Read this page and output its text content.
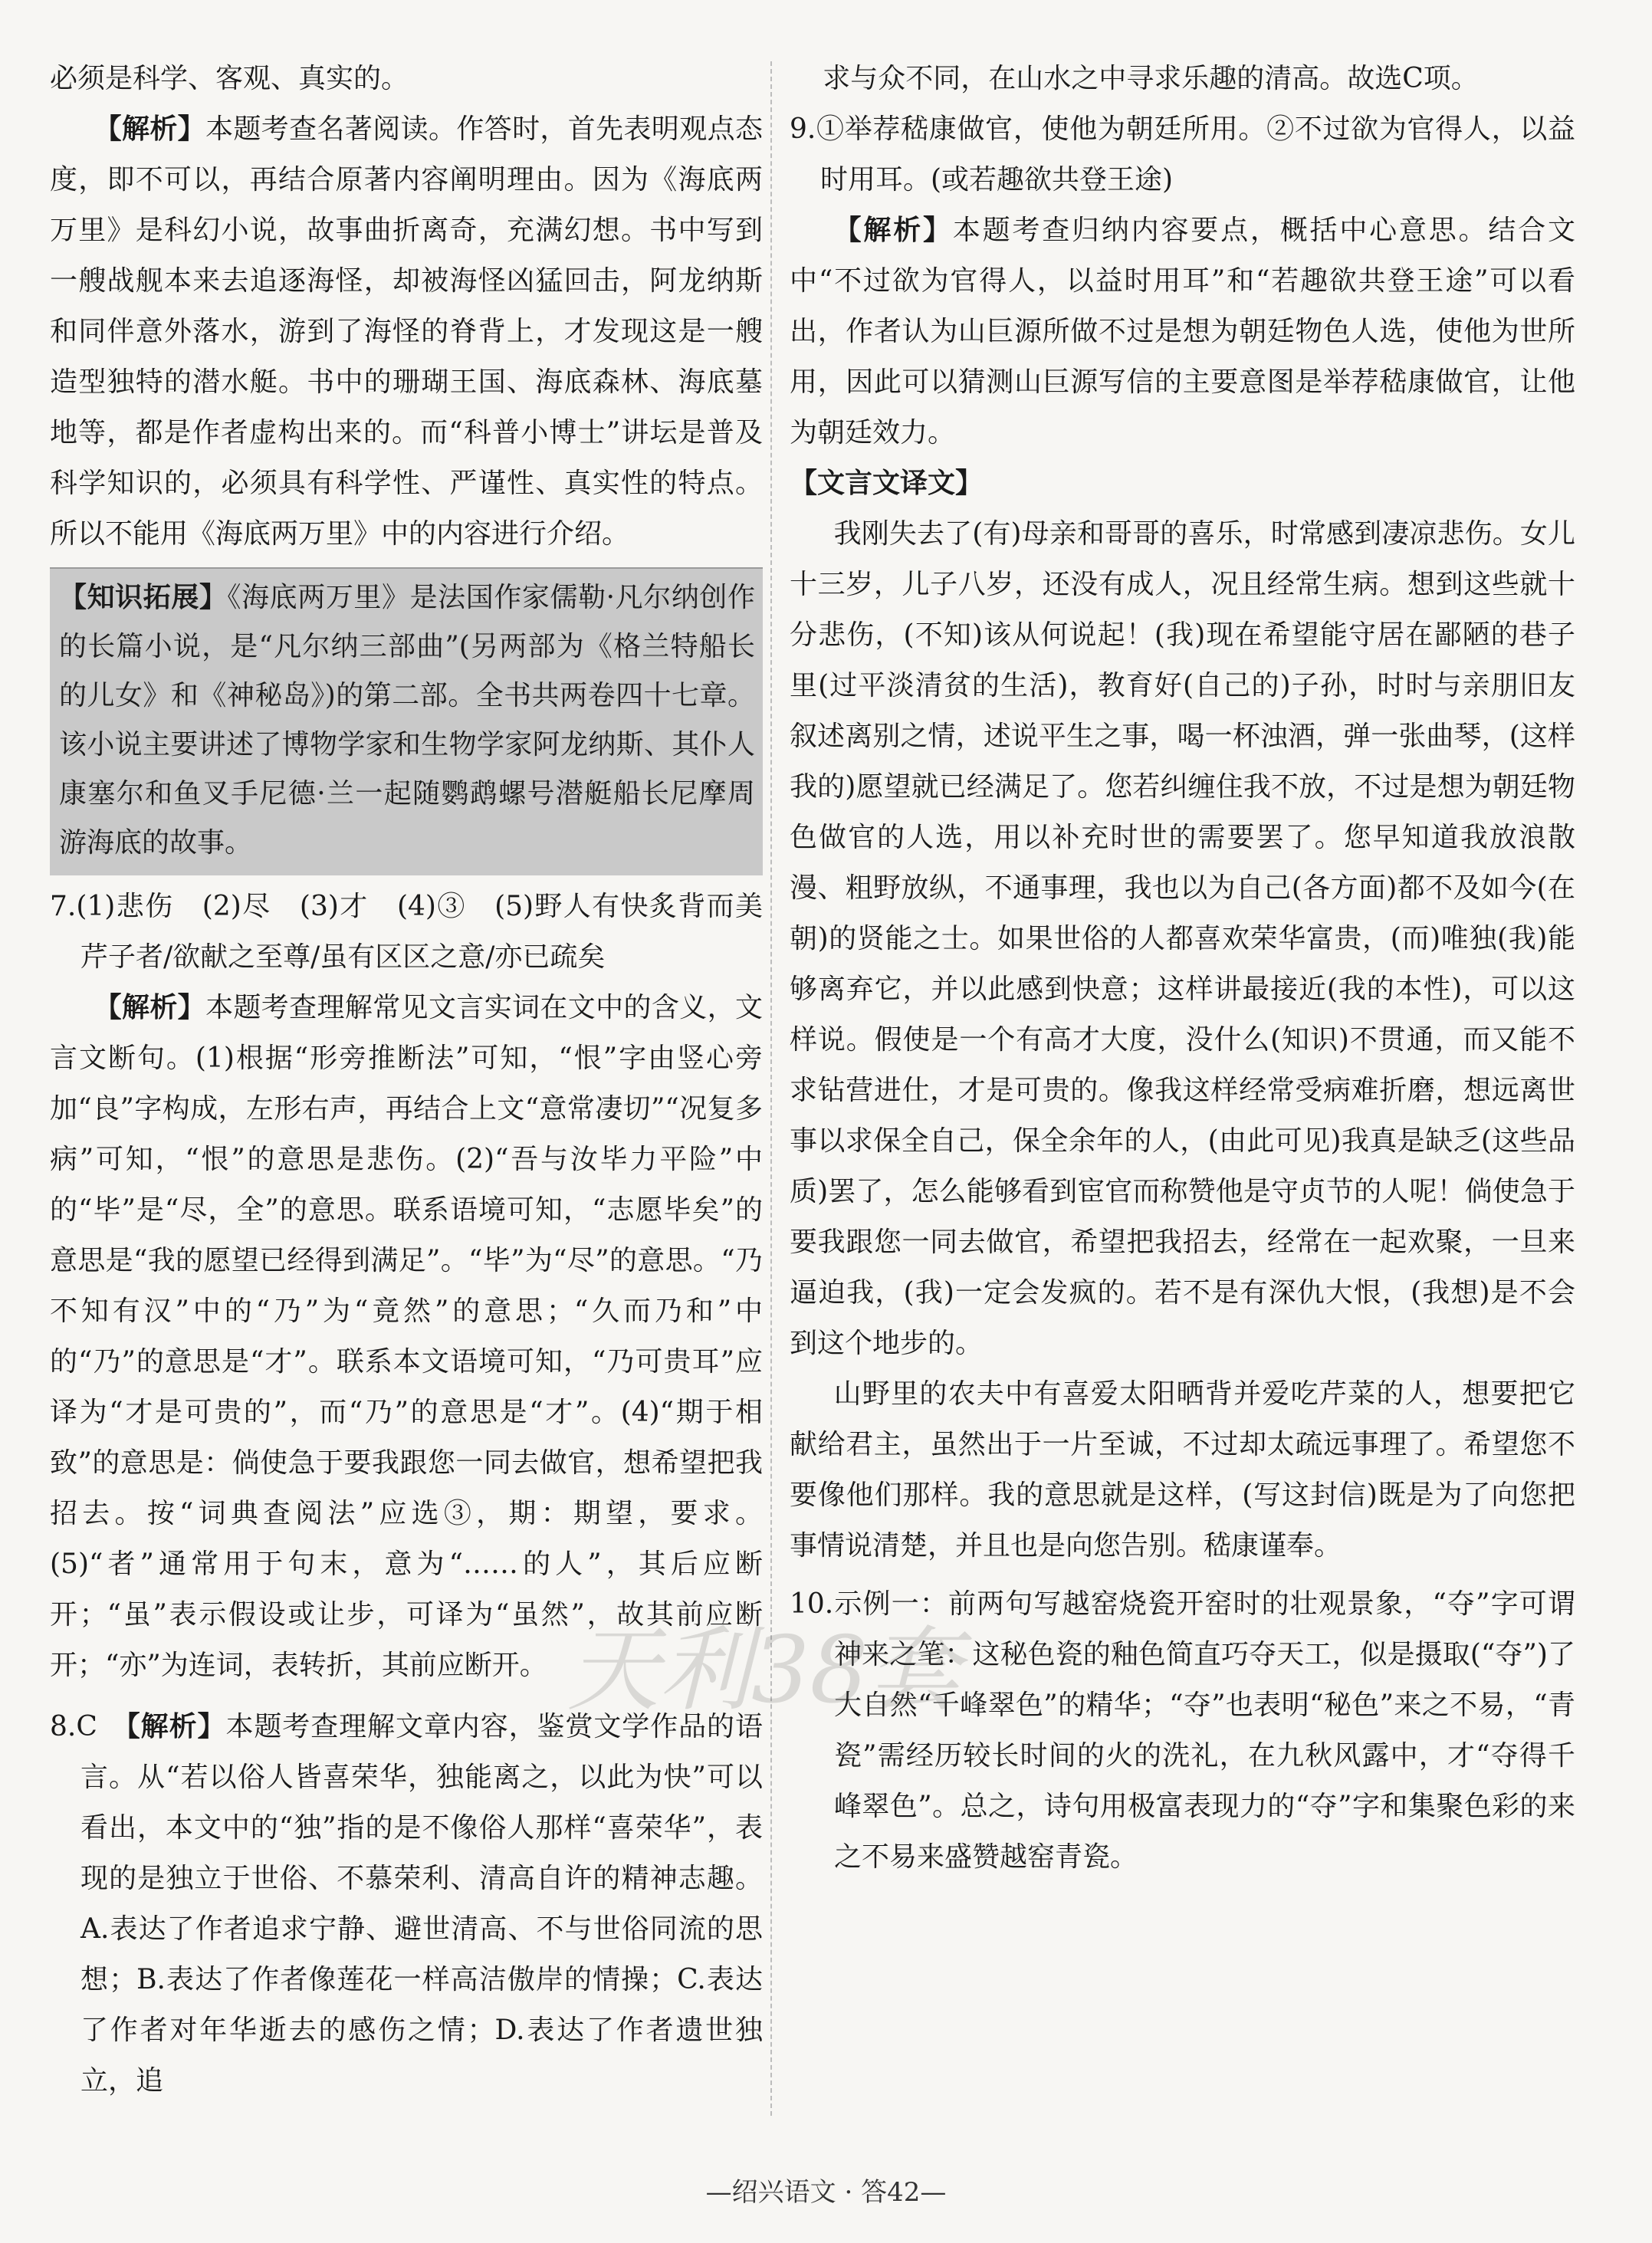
必须是科学、客观、真实的。

【解析】本题考查名著阅读。作答时，首先表明观点态度，即不可以，再结合原著内容阐明理由。因为《海底两万里》是科幻小说，故事曲折离奇，充满幻想。书中写到一艘战舰本来去追逐海怪，却被海怪凶猛回击，阿龙纳斯和同伴意外落水，游到了海怪的脊背上，才发现这是一艘造型独特的潜水艇。书中的珊瑚王国、海底森林、海底墓地等，都是作者虚构出来的。而“科普小博士”讲坛是普及科学知识的，必须具有科学性、严谨性、真实性的特点。所以不能用《海底两万里》中的内容进行介绍。

【知识拓展】《海底两万里》是法国作家儒勒·凡尔纳创作的长篇小说，是“凡尔纳三部曲”(另两部为《格兰特船长的儿女》和《神秘岛》)的第二部。全书共两卷四十七章。该小说主要讲述了博物学家和生物学家阿龙纳斯、其仆人康塞尔和鱼叉手尼德·兰一起随鹦鹉螺号潜艇船长尼摩周游海底的故事。

7.(1)悲伤　(2)尽　(3)才　(4)③　(5)野人有快炙背而美芹子者/欲献之至尊/虽有区区之意/亦已疏矣

【解析】本题考查理解常见文言实词在文中的含义，文言文断句。(1)根据“形旁推断法”可知，“恨”字由竖心旁加“良”字构成，左形右声，再结合上文“意常凄切”“况复多病”可知，“恨”的意思是悲伤。(2)“吾与汝毕力平险”中的“毕”是“尽，全”的意思。联系语境可知，“志愿毕矣”的意思是“我的愿望已经得到满足”。“毕”为“尽”的意思。“乃不知有汉”中的“乃”为“竟然”的意思；“久而乃和”中的“乃”的意思是“才”。联系本文语境可知，“乃可贵耳”应译为“才是可贵的”，而“乃”的意思是“才”。(4)“期于相致”的意思是：倘使急于要我跟您一同去做官，想希望把我招去。按“词典查阅法”应选③，期：期望，要求。(5)“者”通常用于句末，意为“……的人”，其后应断开；“虽”表示假设或让步，可译为“虽然”，故其前应断开；“亦”为连词，表转折，其前应断开。

8.C　 【解析】本题考查理解文章内容，鉴赏文学作品的语言。从“若以俗人皆喜荣华，独能离之，以此为快”可以看出，本文中的“独”指的是不像俗人那样“喜荣华”，表现的是独立于世俗、不慕荣利、清高自许的精神志趣。A.表达了作者追求宁静、避世清高、不与世俗同流的思想；B.表达了作者像莲花一样高洁傲岸的情操；C.表达了作者对年华逝去的感伤之情；D.表达了作者遗世独立，追

求与众不同，在山水之中寻求乐趣的清高。故选C项。

9.①举荐嵇康做官，使他为朝廷所用。②不过欲为官得人，以益时用耳。(或若趣欲共登王途)

【解析】本题考查归纳内容要点，概括中心意思。结合文中“不过欲为官得人，以益时用耳”和“若趣欲共登王途”可以看出，作者认为山巨源所做不过是想为朝廷物色人选，使他为世所用，因此可以猜测山巨源写信的主要意图是举荐嵇康做官，让他为朝廷效力。

【文言文译文】

我刚失去了(有)母亲和哥哥的喜乐，时常感到凄凉悲伤。女儿十三岁，儿子八岁，还没有成人，况且经常生病。想到这些就十分悲伤，(不知)该从何说起！(我)现在希望能守居在鄙陋的巷子里(过平淡清贫的生活)，教育好(自己的)子孙，时时与亲朋旧友叙述离别之情，述说平生之事，喝一杯浊酒，弹一张曲琴，(这样我的)愿望就已经满足了。您若纠缠住我不放，不过是想为朝廷物色做官的人选，用以补充时世的需要罢了。您早知道我放浪散漫、粗野放纵，不通事理，我也以为自己(各方面)都不及如今(在朝)的贤能之士。如果世俗的人都喜欢荣华富贵，(而)唯独(我)能够离弃它，并以此感到快意；这样讲最接近(我的本性)，可以这样说。假使是一个有高才大度，没什么(知识)不贯通，而又能不求钻营进仕，才是可贵的。像我这样经常受病难折磨，想远离世事以求保全自己，保全余年的人，(由此可见)我真是缺乏(这些品质)罢了，怎么能够看到宦官而称赞他是守贞节的人呢！倘使急于要我跟您一同去做官，希望把我招去，经常在一起欢聚，一旦来逼迫我，(我)一定会发疯的。若不是有深仇大恨，(我想)是不会到这个地步的。

山野里的农夫中有喜爱太阳晒背并爱吃芹菜的人，想要把它献给君主，虽然出于一片至诚，不过却太疏远事理了。希望您不要像他们那样。我的意思就是这样，(写这封信)既是为了向您把事情说清楚，并且也是向您告别。嵇康谨奉。

10.示例一：前两句写越窑烧瓷开窑时的壮观景象，“夺”字可谓神来之笔：这秘色瓷的釉色简直巧夺天工，似是摄取(“夺”)了大自然“千峰翠色”的精华；“夺”也表明“秘色”来之不易，“青瓷”需经历较长时间的火的洗礼，在九秋风露中，才“夺得千峰翠色”。总之，诗句用极富表现力的“夺”字和集聚色彩的来之不易来盛赞越窑青瓷。

天利38套
—绍兴语文 · 答42—
